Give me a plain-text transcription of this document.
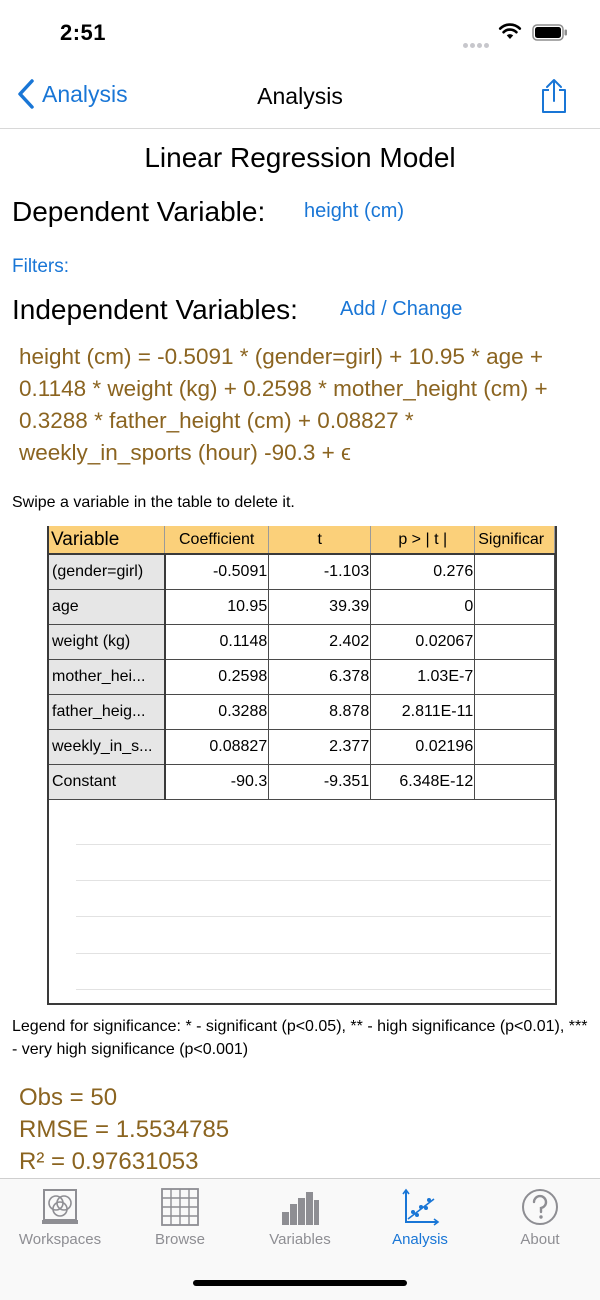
2:51
Analysis	Analysis
Linear Regression Model
Dependent Variable: height (cm)
Filters:
Independent Variables: Add / Change
height (cm) = -0.5091 * (gender=girl) + 10.95 * age + 0.1148 * weight (kg) + 0.2598 * mother_height (cm) + 0.3288 * father_height (cm) + 0.08827 * weekly_in_sports (hour) -90.3 + ϵ
Swipe a variable in the table to delete it.
Variable	Coefficient	t	p > | t |	Significar
(gender=girl)	-0.5091	-1.103	0.276	
age	10.95	39.39	0	
weight (kg)	0.1148	2.402	0.02067	
mother_hei...	0.2598	6.378	1.03E-7	
father_heig...	0.3288	8.878	2.811E-11	
weekly_in_s...	0.08827	2.377	0.02196	
Constant	-90.3	-9.351	6.348E-12	
Legend for significance: * - significant (p<0.05), ** - high significance (p<0.01), *** - very high significance (p<0.001)
Obs = 50
RMSE = 1.5534785
R² = 0.97631053
Workspaces	Browse	Variables	Analysis	About
